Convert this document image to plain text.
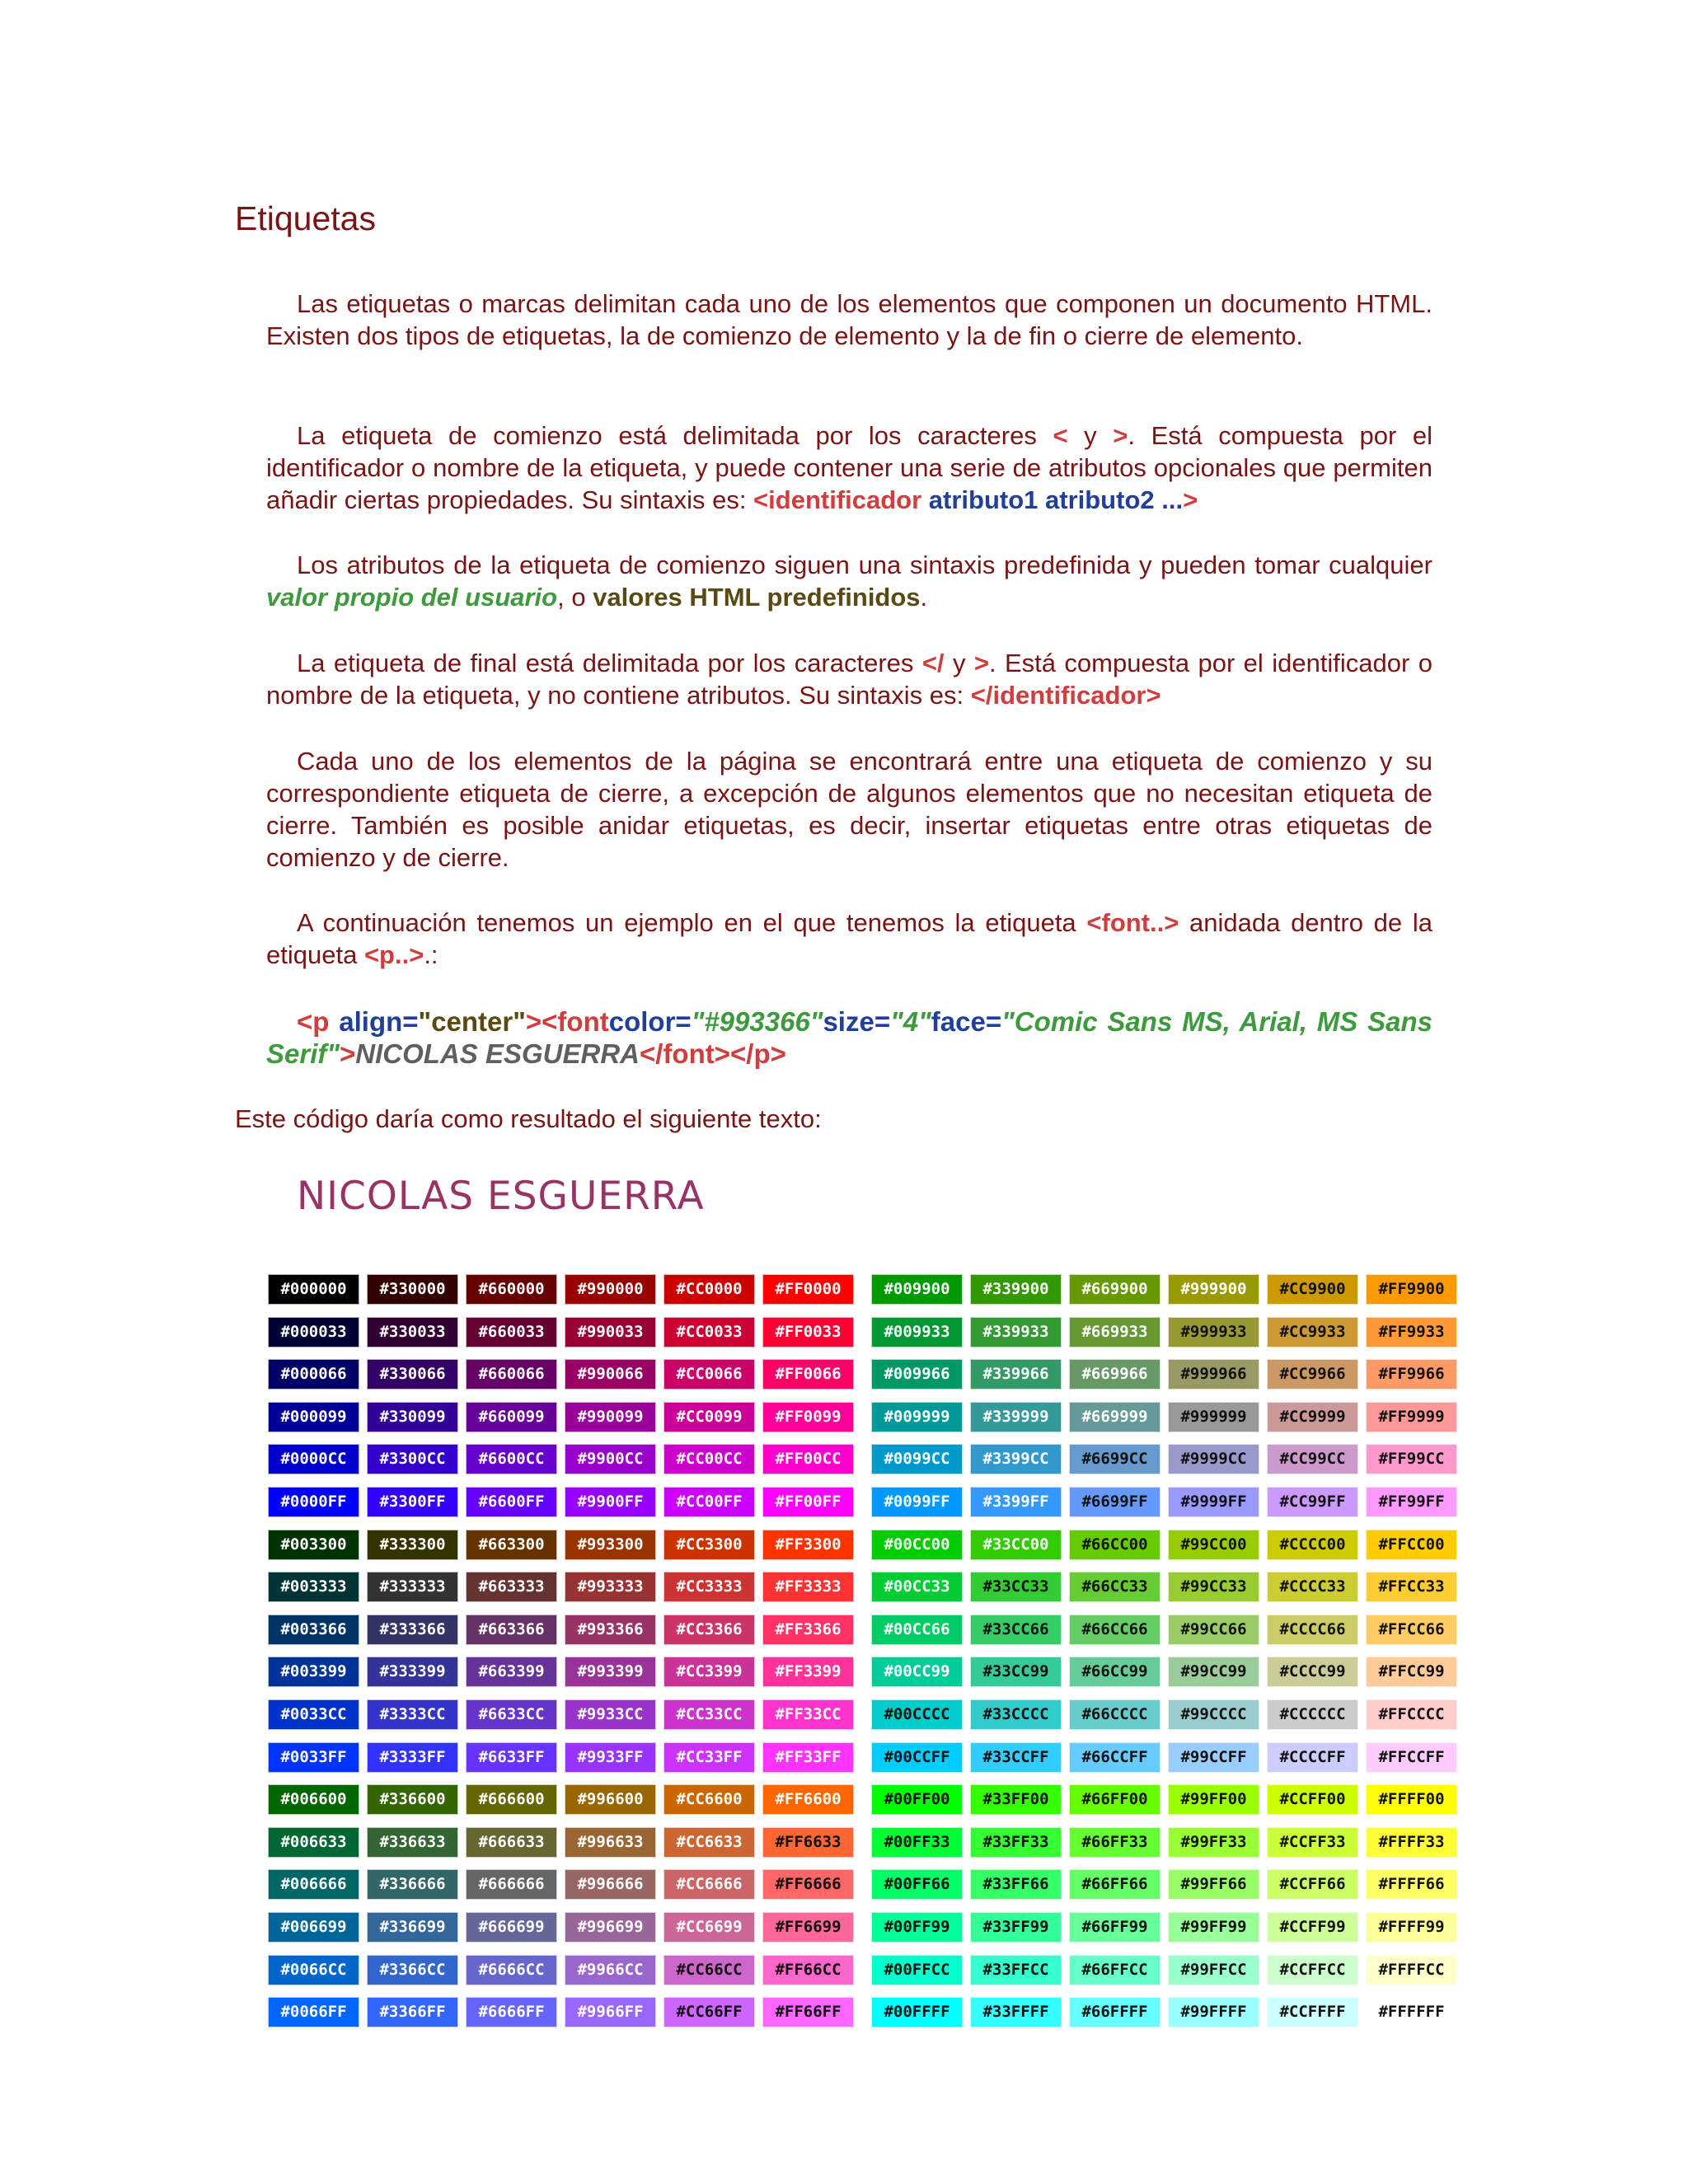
Etiquetas
Las etiquetas o marcas delimitan cada uno de los elementos que componen un documento HTML. Existen dos tipos de etiquetas, la de comienzo de elemento y la de fin o cierre de elemento.
La etiqueta de comienzo está delimitada por los caracteres < y >. Está compuesta por el identificador o nombre de la etiqueta, y puede contener una serie de atributos opcionales que permiten añadir ciertas propiedades. Su sintaxis es: <identificador atributo1 atributo2 ...>
Los atributos de la etiqueta de comienzo siguen una sintaxis predefinida y pueden tomar cualquier valor propio del usuario, o valores HTML predefinidos.
La etiqueta de final está delimitada por los caracteres </ y >. Está compuesta por el identificador o nombre de la etiqueta, y no contiene atributos. Su sintaxis es: </identificador>
Cada uno de los elementos de la página se encontrará entre una etiqueta de comienzo y su correspondiente etiqueta de cierre, a excepción de algunos elementos que no necesitan etiqueta de cierre. También es posible anidar etiquetas, es decir, insertar etiquetas entre otras etiquetas de comienzo y de cierre.
A continuación tenemos un ejemplo en el que tenemos la etiqueta <font..> anidada dentro de la etiqueta <p..>.:
<p align="center"><fontcolor="#993366"size="4"face="Comic Sans MS, Arial, MS Sans Serif">NICOLAS ESGUERRA</font></p>
Este código daría como resultado el siguiente texto:
NICOLAS ESGUERRA
#000000	#330000	#660000	#990000	#CC0000	#FF0000	#009900	#339900	#669900	#999900	#CC9900	#FF9900
#000033	#330033	#660033	#990033	#CC0033	#FF0033	#009933	#339933	#669933	#999933	#CC9933	#FF9933
#000066	#330066	#660066	#990066	#CC0066	#FF0066	#009966	#339966	#669966	#999966	#CC9966	#FF9966
#000099	#330099	#660099	#990099	#CC0099	#FF0099	#009999	#339999	#669999	#999999	#CC9999	#FF9999
#0000CC	#3300CC	#6600CC	#9900CC	#CC00CC	#FF00CC	#0099CC	#3399CC	#6699CC	#9999CC	#CC99CC	#FF99CC
#0000FF	#3300FF	#6600FF	#9900FF	#CC00FF	#FF00FF	#0099FF	#3399FF	#6699FF	#9999FF	#CC99FF	#FF99FF
#003300	#333300	#663300	#993300	#CC3300	#FF3300	#00CC00	#33CC00	#66CC00	#99CC00	#CCCC00	#FFCC00
#003333	#333333	#663333	#993333	#CC3333	#FF3333	#00CC33	#33CC33	#66CC33	#99CC33	#CCCC33	#FFCC33
#003366	#333366	#663366	#993366	#CC3366	#FF3366	#00CC66	#33CC66	#66CC66	#99CC66	#CCCC66	#FFCC66
#003399	#333399	#663399	#993399	#CC3399	#FF3399	#00CC99	#33CC99	#66CC99	#99CC99	#CCCC99	#FFCC99
#0033CC	#3333CC	#6633CC	#9933CC	#CC33CC	#FF33CC	#00CCCC	#33CCCC	#66CCCC	#99CCCC	#CCCCCC	#FFCCCC
#0033FF	#3333FF	#6633FF	#9933FF	#CC33FF	#FF33FF	#00CCFF	#33CCFF	#66CCFF	#99CCFF	#CCCCFF	#FFCCFF
#006600	#336600	#666600	#996600	#CC6600	#FF6600	#00FF00	#33FF00	#66FF00	#99FF00	#CCFF00	#FFFF00
#006633	#336633	#666633	#996633	#CC6633	#FF6633	#00FF33	#33FF33	#66FF33	#99FF33	#CCFF33	#FFFF33
#006666	#336666	#666666	#996666	#CC6666	#FF6666	#00FF66	#33FF66	#66FF66	#99FF66	#CCFF66	#FFFF66
#006699	#336699	#666699	#996699	#CC6699	#FF6699	#00FF99	#33FF99	#66FF99	#99FF99	#CCFF99	#FFFF99
#0066CC	#3366CC	#6666CC	#9966CC	#CC66CC	#FF66CC	#00FFCC	#33FFCC	#66FFCC	#99FFCC	#CCFFCC	#FFFFCC
#0066FF	#3366FF	#6666FF	#9966FF	#CC66FF	#FF66FF	#00FFFF	#33FFFF	#66FFFF	#99FFFF	#CCFFFF	#FFFFFF
